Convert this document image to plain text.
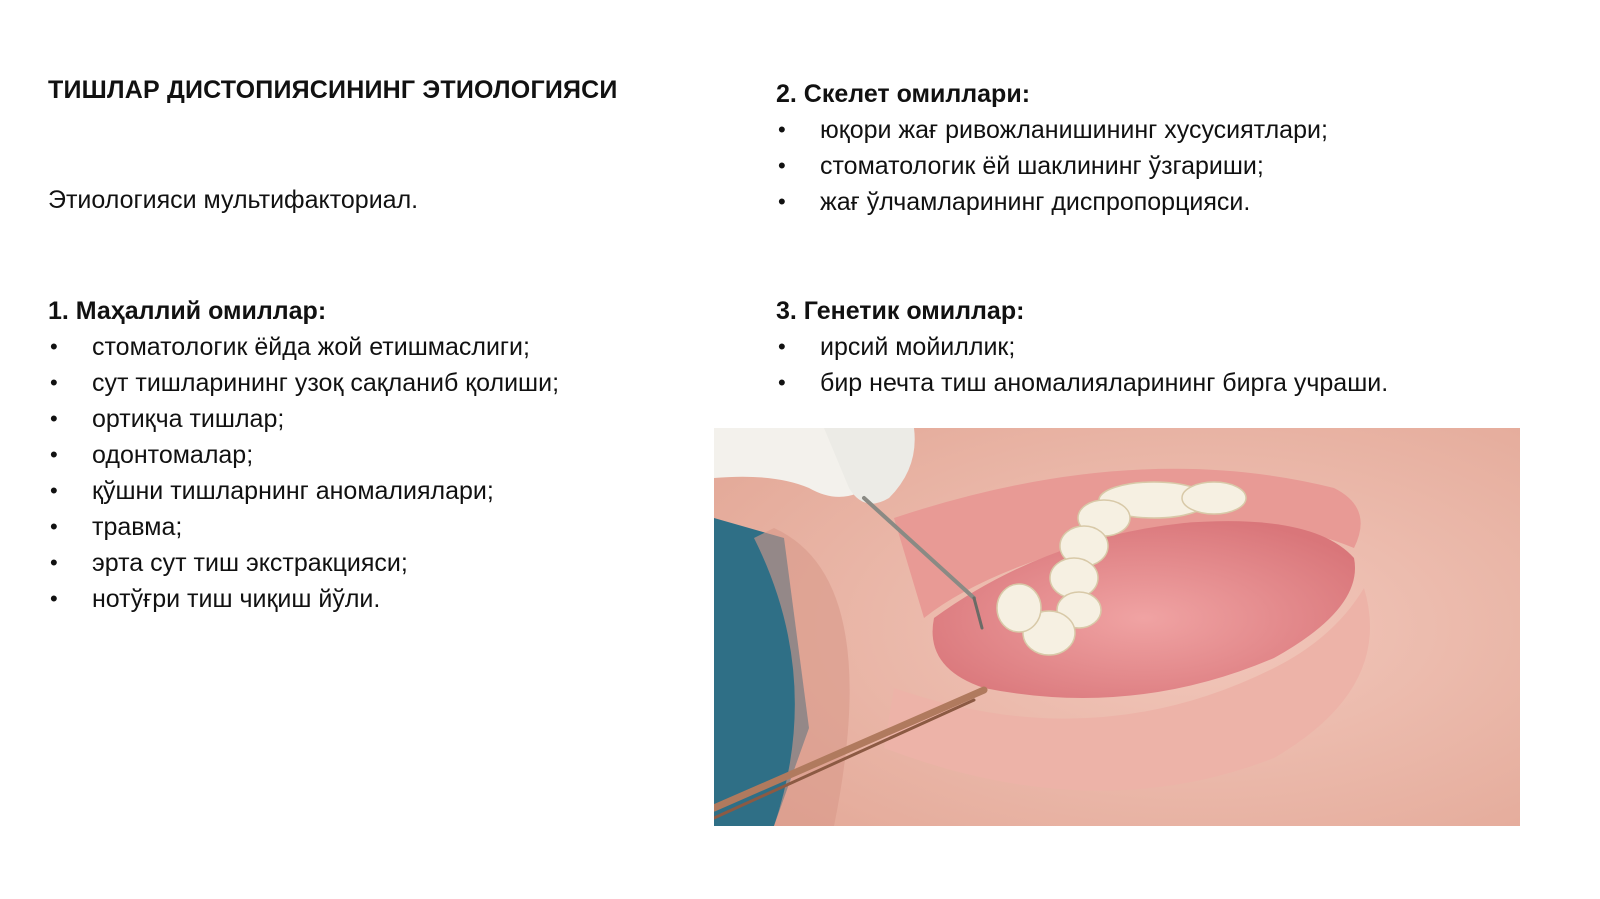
ТИШЛАР ДИСТОПИЯСИНИНГ ЭТИОЛОГИЯСИ
Этиологияси мультифакториал.
1. Маҳаллий омиллар:
• стоматологик ёйда жой етишмаслиги;
• сут тишларининг узоқ сақланиб қолиши;
• ортиқча тишлар;
• одонтомалар;
• қўшни тишларнинг аномалиялари;
• травма;
• эрта сут тиш экстракцияси;
• нотўғри тиш чиқиш йўли.
2. Скелет омиллари:
• юқори жағ ривожланишининг хусусиятлари;
• стоматологик ёй шаклининг ўзгариши;
• жағ ўлчамларининг диспропорцияси.
3. Генетик омиллар:
• ирсий мойиллик;
• бир нечта тиш аномалияларининг бирга учраши.
